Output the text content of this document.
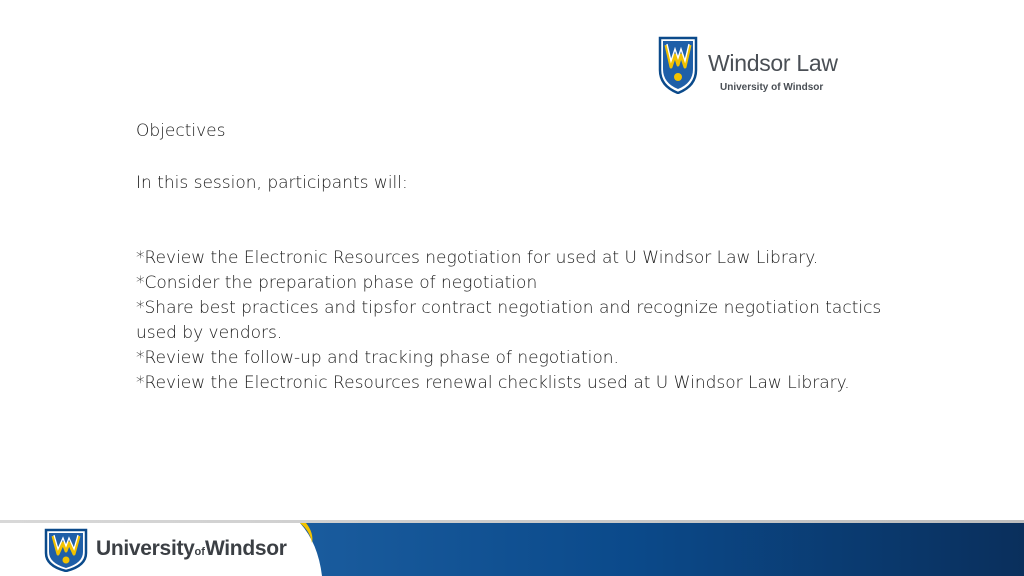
Windsor Law
University of Windsor

Objectives

In this session, participants will:

*Review the Electronic Resources negotiation for used at U Windsor Law Library.

*Consider the preparation phase of negotiation

*Share best practices and tipsfor contract negotiation and recognize negotiation tactics used by vendors.

*Review the follow-up and tracking phase of negotiation.

*Review the Electronic Resources renewal checklists used at U Windsor Law Library.

UniversityofWindsor
